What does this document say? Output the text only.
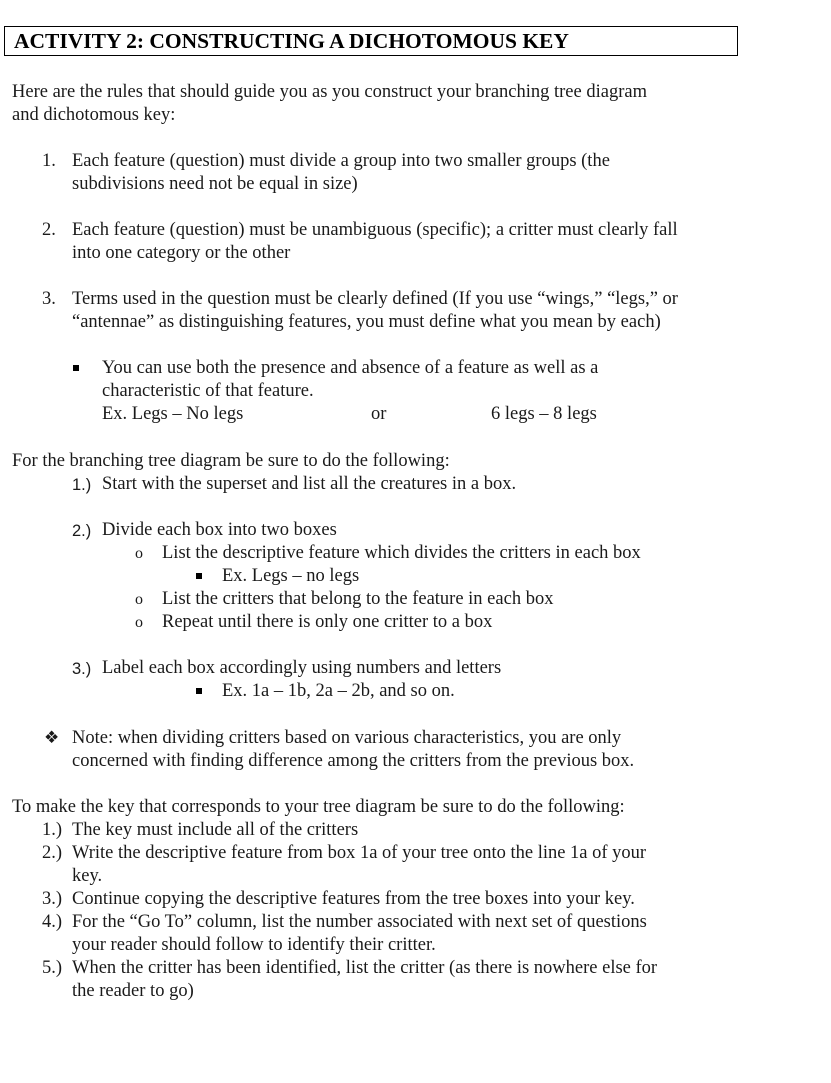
ACTIVITY 2: CONSTRUCTING A DICHOTOMOUS KEY
Here are the rules that should guide you as you construct your branching tree diagram
and dichotomous key:
1. Each feature (question) must divide a group into two smaller groups (the
subdivisions need not be equal in size)
2. Each feature (question) must be unambiguous (specific); a critter must clearly fall
into one category or the other
3. Terms used in the question must be clearly defined (If you use “wings,” “legs,” or
“antennae” as distinguishing features, you must define what you mean by each)
You can use both the presence and absence of a feature as well as a
characteristic of that feature.
Ex. Legs – No legs	or	6 legs – 8 legs
For the branching tree diagram be sure to do the following:
1.) Start with the superset and list all the creatures in a box.
2.) Divide each box into two boxes
o List the descriptive feature which divides the critters in each box
Ex. Legs – no legs
o List the critters that belong to the feature in each box
o Repeat until there is only one critter to a box
3.) Label each box accordingly using numbers and letters
Ex. 1a – 1b, 2a – 2b, and so on.
❖ Note: when dividing critters based on various characteristics, you are only
concerned with finding difference among the critters from the previous box.
To make the key that corresponds to your tree diagram be sure to do the following:
1.) The key must include all of the critters
2.) Write the descriptive feature from box 1a of your tree onto the line 1a of your
key.
3.) Continue copying the descriptive features from the tree boxes into your key.
4.) For the “Go To” column, list the number associated with next set of questions
your reader should follow to identify their critter.
5.) When the critter has been identified, list the critter (as there is nowhere else for
the reader to go)
